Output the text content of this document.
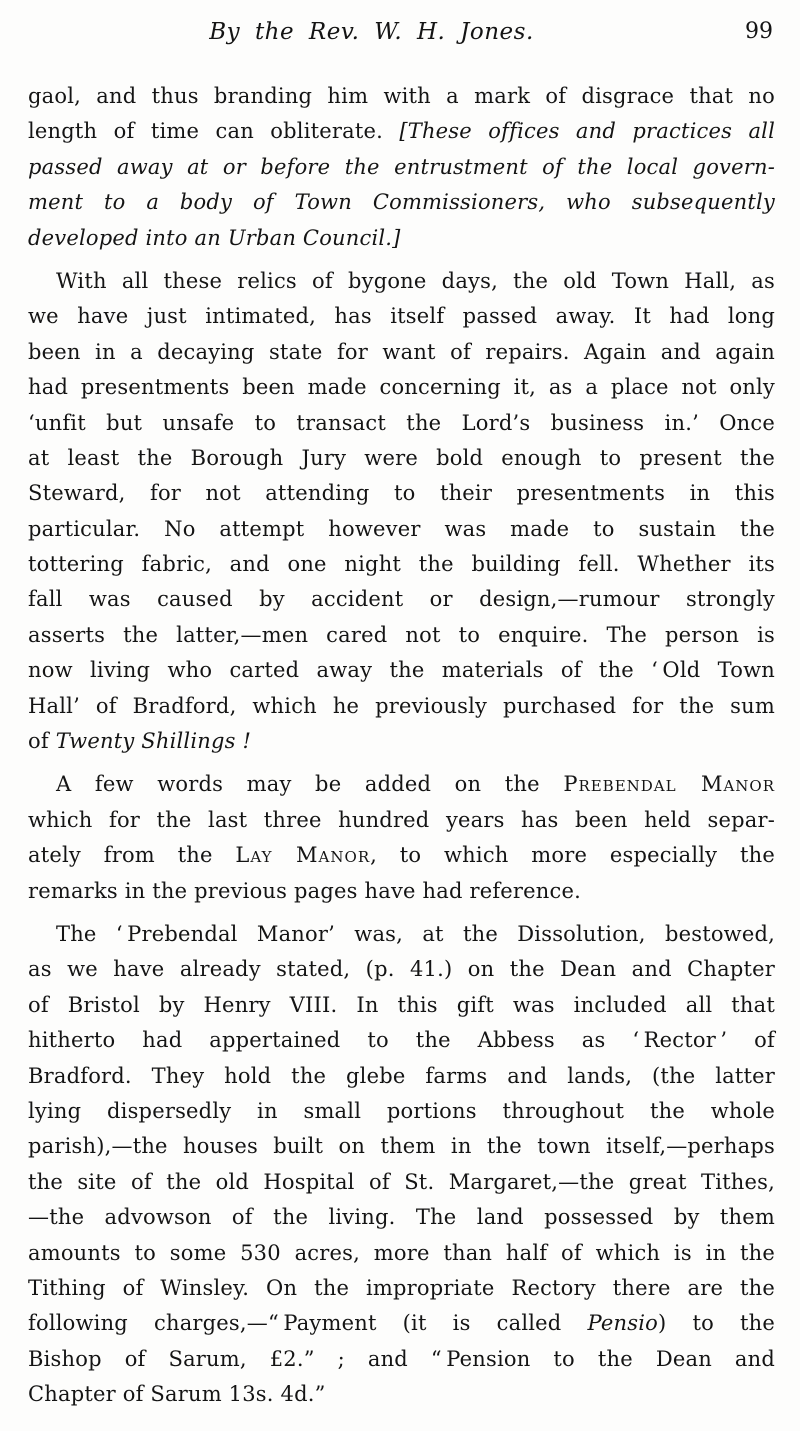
By the Rev. W. H. Jones.	99
gaol, and thus branding him with a mark of disgrace that no
length of time can obliterate. [These offices and practices all
passed away at or before the entrustment of the local govern-
ment to a body of Town Commissioners, who subsequently
developed into an Urban Council.]
With all these relics of bygone days, the old Town Hall, as
we have just intimated, has itself passed away. It had long
been in a decaying state for want of repairs. Again and again
had presentments been made concerning it, as a place not only
‘unfit but unsafe to transact the Lord’s business in.’ Once
at least the Borough Jury were bold enough to present the
Steward, for not attending to their presentments in this
particular. No attempt however was made to sustain the
tottering fabric, and one night the building fell. Whether its
fall was caused by accident or design,—rumour strongly
asserts the latter,—men cared not to enquire. The person is
now living who carted away the materials of the ‘ Old Town
Hall’ of Bradford, which he previously purchased for the sum
of Twenty Shillings !
A few words may be added on the Prebendal Manor
which for the last three hundred years has been held separ-
ately from the Lay Manor, to which more especially the
remarks in the previous pages have had reference.
The ‘ Prebendal Manor’ was, at the Dissolution, bestowed,
as we have already stated, (p. 41.) on the Dean and Chapter
of Bristol by Henry VIII. In this gift was included all that
hitherto had appertained to the Abbess as ‘ Rector ’ of
Bradford. They hold the glebe farms and lands, (the latter
lying dispersedly in small portions throughout the whole
parish),—the houses built on them in the town itself,—perhaps
the site of the old Hospital of St. Margaret,—the great Tithes,
—the advowson of the living. The land possessed by them
amounts to some 530 acres, more than half of which is in the
Tithing of Winsley. On the impropriate Rectory there are the
following charges,—“ Payment (it is called Pensio) to the
Bishop of Sarum, £2.” ; and “ Pension to the Dean and
Chapter of Sarum 13s. 4d.”
